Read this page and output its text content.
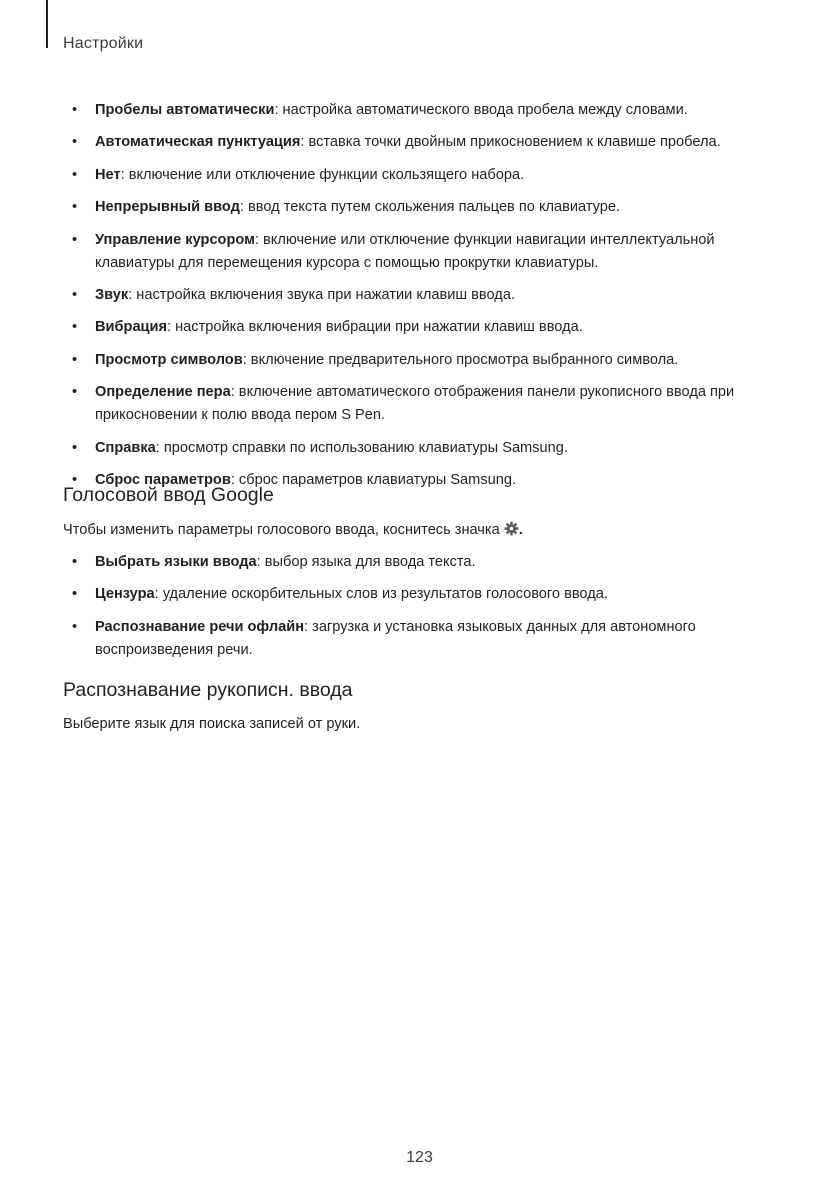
Настройки
• Пробелы автоматически: настройка автоматического ввода пробела между словами.
• Автоматическая пунктуация: вставка точки двойным прикосновением к клавише пробела.
• Нет: включение или отключение функции скользящего набора.
• Непрерывный ввод: ввод текста путем скольжения пальцев по клавиатуре.
• Управление курсором: включение или отключение функции навигации интеллектуальной клавиатуры для перемещения курсора с помощью прокрутки клавиатуры.
• Звук: настройка включения звука при нажатии клавиш ввода.
• Вибрация: настройка включения вибрации при нажатии клавиш ввода.
• Просмотр символов: включение предварительного просмотра выбранного символа.
• Определение пера: включение автоматического отображения панели рукописного ввода при прикосновении к полю ввода пером S Pen.
• Справка: просмотр справки по использованию клавиатуры Samsung.
• Сброс параметров: сброс параметров клавиатуры Samsung.
Голосовой ввод Google

Чтобы изменить параметры голосового ввода, коснитесь значка .

• Выбрать языки ввода: выбор языка для ввода текста.
• Цензура: удаление оскорбительных слов из результатов голосового ввода.
• Распознавание речи офлайн: загрузка и установка языковых данных для автономного воспроизведения речи.
Распознавание рукописн. ввода

Выберите язык для поиска записей от руки.

123
